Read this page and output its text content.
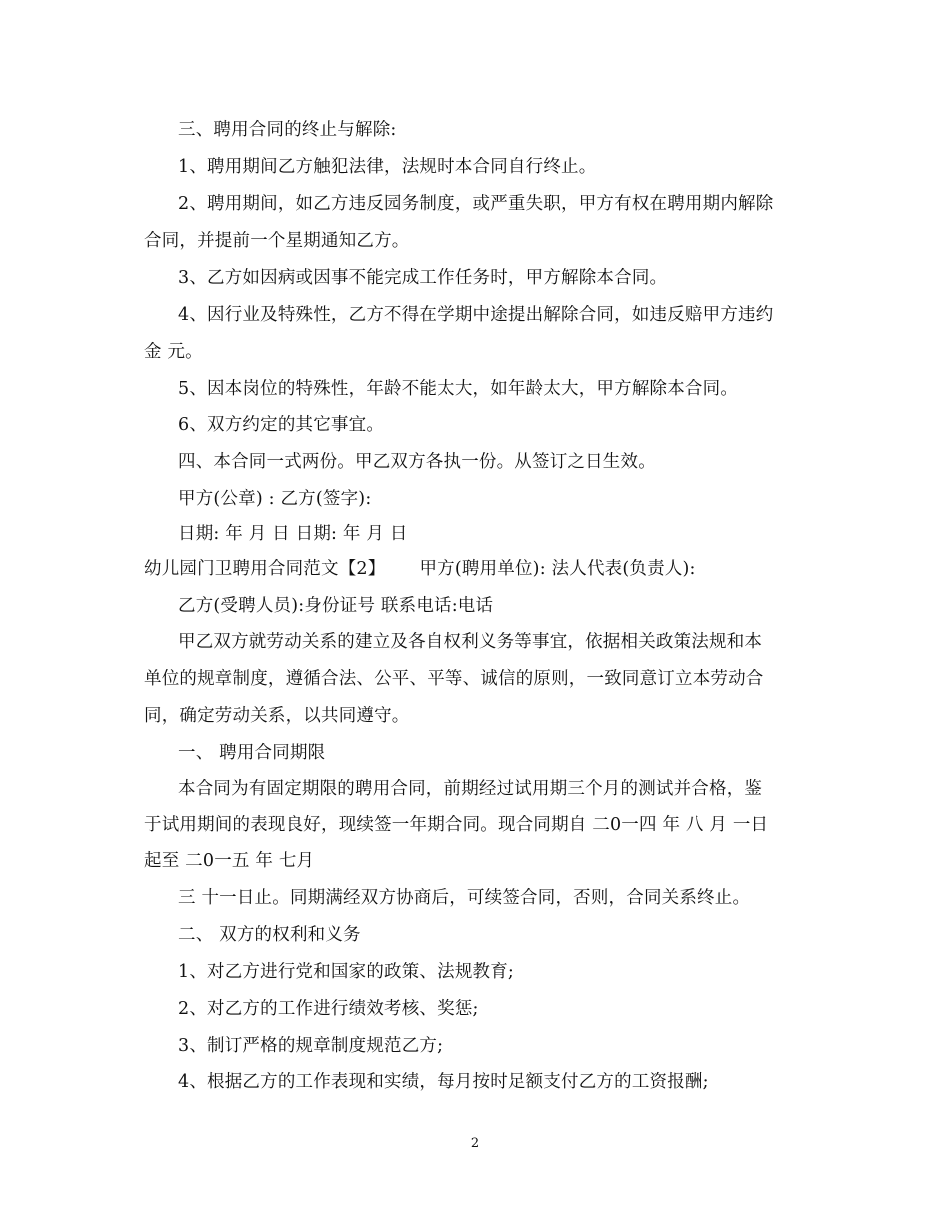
三、聘用合同的终止与解除:
1、聘用期间乙方触犯法律，法规时本合同自行终止。
2、聘用期间，如乙方违反园务制度，或严重失职，甲方有权在聘用期内解除
合同，并提前一个星期通知乙方。
3、乙方如因病或因事不能完成工作任务时，甲方解除本合同。
4、因行业及特殊性，乙方不得在学期中途提出解除合同，如违反赔甲方违约
金 元。
5、因本岗位的特殊性，年龄不能太大，如年龄太大，甲方解除本合同。
6、双方约定的其它事宜。
四、本合同一式两份。甲乙双方各执一份。从签订之日生效。
甲方(公章) : 乙方(签字):
日期: 年 月 日 日期: 年 月 日
幼儿园门卫聘用合同范文【2】 甲方(聘用单位): 法人代表(负责人):
乙方(受聘人员):身份证号 联系电话:电话
甲乙双方就劳动关系的建立及各自权利义务等事宜，依据相关政策法规和本
单位的规章制度，遵循合法、公平、平等、诚信的原则，一致同意订立本劳动合
同，确定劳动关系，以共同遵守。
一、 聘用合同期限
本合同为有固定期限的聘用合同，前期经过试用期三个月的测试并合格，鉴
于试用期间的表现良好，现续签一年期合同。现合同期自 二0一四 年 八 月 一日
起至 二0一五 年 七月
三 十一日止。同期满经双方协商后，可续签合同，否则，合同关系终止。
二、 双方的权利和义务
1、对乙方进行党和国家的政策、法规教育;
2、对乙方的工作进行绩效考核、奖惩;
3、制订严格的规章制度规范乙方;
4、根据乙方的工作表现和实绩，每月按时足额支付乙方的工资报酬;
2
